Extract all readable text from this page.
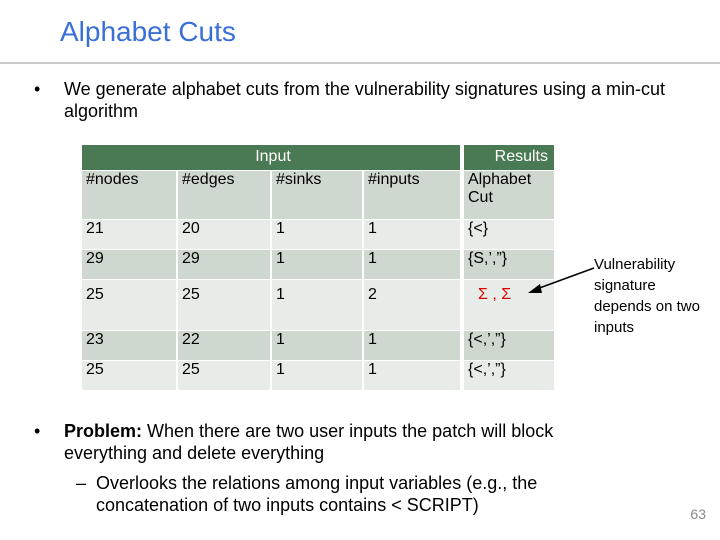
Alphabet Cuts
• We generate alphabet cuts from the vulnerability signatures using a min-cut algorithm
Input				Results
#nodes	#edges	#sinks	#inputs	Alphabet Cut
21	20	1	1	{<}
29	29	1	1	{S,’,”}
25	25	1	2	Σ , Σ
23	22	1	1	{<,’,”}
25	25	1	1	{<,’,”}
Vulnerability signature depends on two inputs
• Problem: When there are two user inputs the patch will block everything and delete everything
– Overlooks the relations among input variables (e.g., the concatenation of two inputs contains < SCRIPT)	63
